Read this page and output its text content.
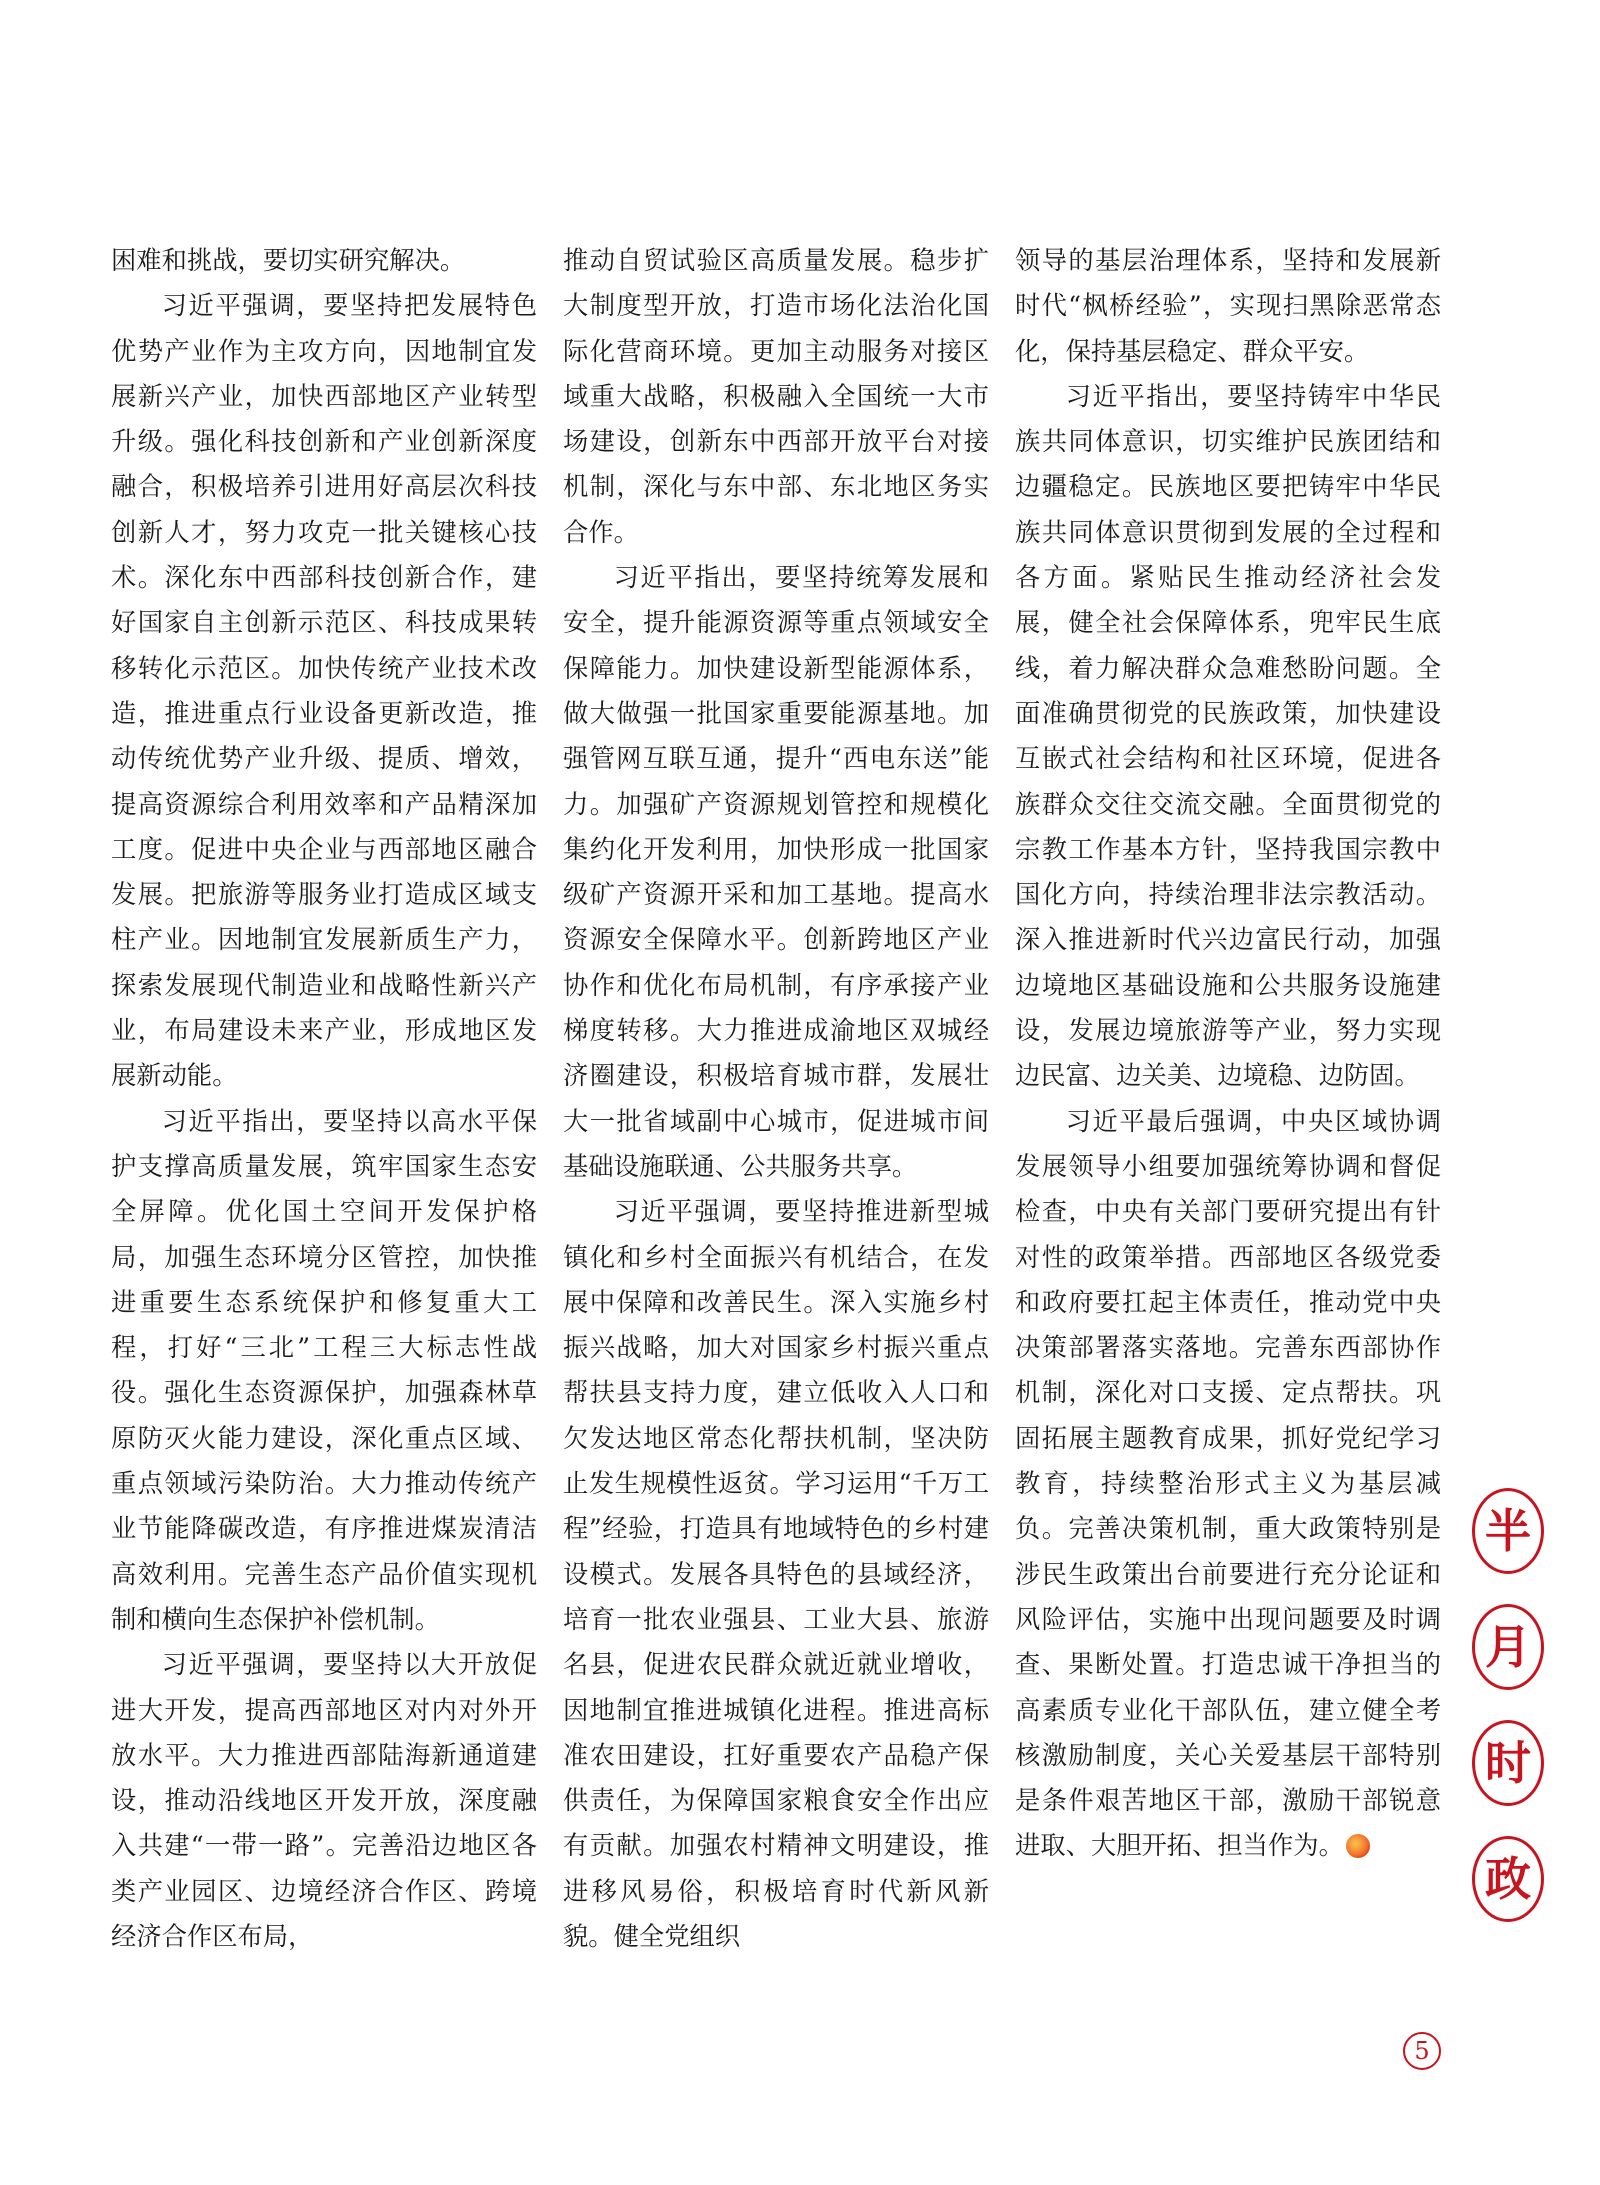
困难和挑战，要切实研究解决。

习近平强调，要坚持把发展特色优势产业作为主攻方向，因地制宜发展新兴产业，加快西部地区产业转型升级。强化科技创新和产业创新深度融合，积极培养引进用好高层次科技创新人才，努力攻克一批关键核心技术。深化东中西部科技创新合作，建好国家自主创新示范区、科技成果转移转化示范区。加快传统产业技术改造，推进重点行业设备更新改造，推动传统优势产业升级、提质、增效，提高资源综合利用效率和产品精深加工度。促进中央企业与西部地区融合发展。把旅游等服务业打造成区域支柱产业。因地制宜发展新质生产力，探索发展现代制造业和战略性新兴产业，布局建设未来产业，形成地区发展新动能。

习近平指出，要坚持以高水平保护支撑高质量发展，筑牢国家生态安全屏障。优化国土空间开发保护格局，加强生态环境分区管控，加快推进重要生态系统保护和修复重大工程，打好“三北”工程三大标志性战役。强化生态资源保护，加强森林草原防灭火能力建设，深化重点区域、重点领域污染防治。大力推动传统产业节能降碳改造，有序推进煤炭清洁高效利用。完善生态产品价值实现机制和横向生态保护补偿机制。

习近平强调，要坚持以大开放促进大开发，提高西部地区对内对外开放水平。大力推进西部陆海新通道建设，推动沿线地区开发开放，深度融入共建“一带一路”。完善沿边地区各类产业园区、边境经济合作区、跨境经济合作区布局，

推动自贸试验区高质量发展。稳步扩大制度型开放，打造市场化法治化国际化营商环境。更加主动服务对接区域重大战略，积极融入全国统一大市场建设，创新东中西部开放平台对接机制，深化与东中部、东北地区务实合作。

习近平指出，要坚持统筹发展和安全，提升能源资源等重点领域安全保障能力。加快建设新型能源体系，做大做强一批国家重要能源基地。加强管网互联互通，提升“西电东送”能力。加强矿产资源规划管控和规模化集约化开发利用，加快形成一批国家级矿产资源开采和加工基地。提高水资源安全保障水平。创新跨地区产业协作和优化布局机制，有序承接产业梯度转移。大力推进成渝地区双城经济圈建设，积极培育城市群，发展壮大一批省域副中心城市，促进城市间基础设施联通、公共服务共享。

习近平强调，要坚持推进新型城镇化和乡村全面振兴有机结合，在发展中保障和改善民生。深入实施乡村振兴战略，加大对国家乡村振兴重点帮扶县支持力度，建立低收入人口和欠发达地区常态化帮扶机制，坚决防止发生规模性返贫。学习运用“千万工程”经验，打造具有地域特色的乡村建设模式。发展各具特色的县域经济，培育一批农业强县、工业大县、旅游名县，促进农民群众就近就业增收，因地制宜推进城镇化进程。推进高标准农田建设，扛好重要农产品稳产保供责任，为保障国家粮食安全作出应有贡献。加强农村精神文明建设，推进移风易俗，积极培育时代新风新貌。健全党组织

领导的基层治理体系，坚持和发展新时代“枫桥经验”，实现扫黑除恶常态化，保持基层稳定、群众平安。

习近平指出，要坚持铸牢中华民族共同体意识，切实维护民族团结和边疆稳定。民族地区要把铸牢中华民族共同体意识贯彻到发展的全过程和各方面。紧贴民生推动经济社会发展，健全社会保障体系，兜牢民生底线，着力解决群众急难愁盼问题。全面准确贯彻党的民族政策，加快建设互嵌式社会结构和社区环境，促进各族群众交往交流交融。全面贯彻党的宗教工作基本方针，坚持我国宗教中国化方向，持续治理非法宗教活动。深入推进新时代兴边富民行动，加强边境地区基础设施和公共服务设施建设，发展边境旅游等产业，努力实现边民富、边关美、边境稳、边防固。

习近平最后强调，中央区域协调发展领导小组要加强统筹协调和督促检查，中央有关部门要研究提出有针对性的政策举措。西部地区各级党委和政府要扛起主体责任，推动党中央决策部署落实落地。完善东西部协作机制，深化对口支援、定点帮扶。巩固拓展主题教育成果，抓好党纪学习教育，持续整治形式主义为基层减负。完善决策机制，重大政策特别是涉民生政策出台前要进行充分论证和风险评估，实施中出现问题要及时调查、果断处置。打造忠诚干净担当的高素质专业化干部队伍，建立健全考核激励制度，关心关爱基层干部特别是条件艰苦地区干部，激励干部锐意进取、大胆开拓、担当作为。

半
月
时
政
5
